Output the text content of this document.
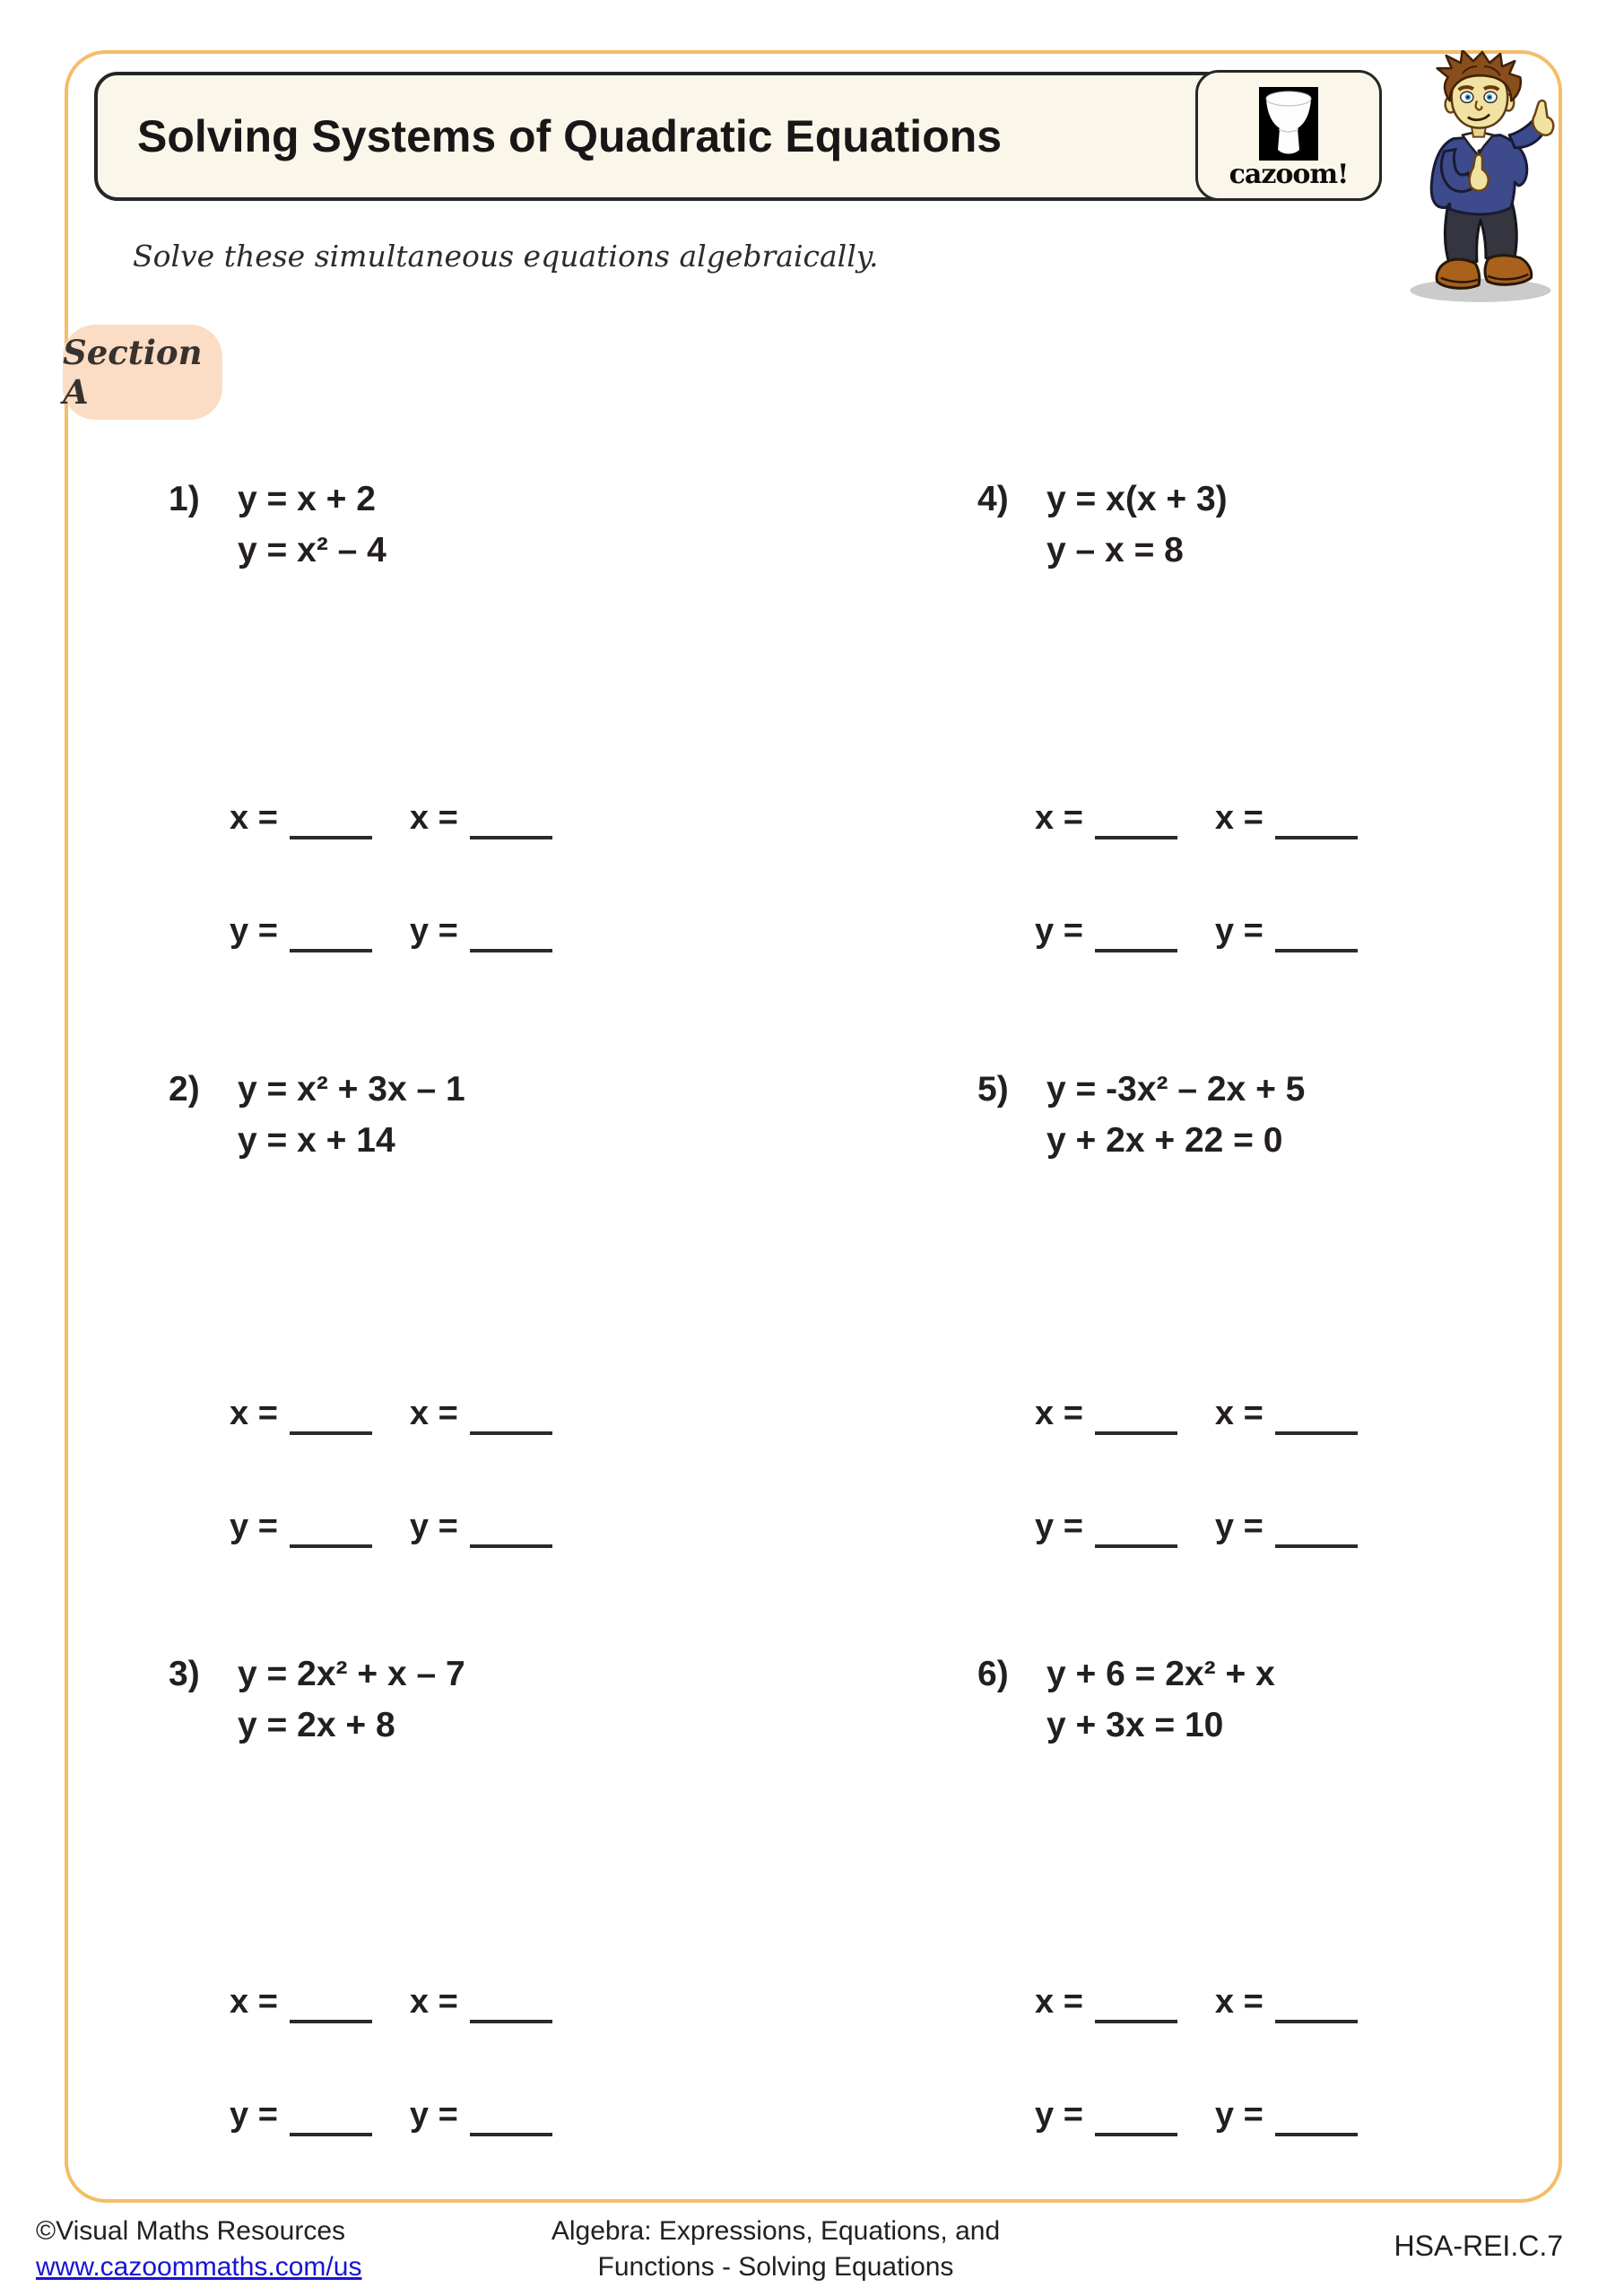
Solving Systems of Quadratic Equations
cazoom!
Solve these simultaneous equations algebraically.
Section A
1)	y = x + 2
y = x² – 4
x =	x =
y =	y =
4)	y = x(x + 3)
y – x = 8
x =	x =
y =	y =
2)	y = x² + 3x – 1
y = x + 14
x =	x =
y =	y =
5)	y = -3x² – 2x + 5
y + 2x + 22 = 0
x =	x =
y =	y =
3)	y = 2x² + x – 7
y = 2x + 8
x =	x =
y =	y =
6)	y + 6 = 2x² + x
y + 3x = 10
x =	x =
y =	y =
©Visual Maths Resources
www.cazoommaths.com/us
Algebra: Expressions, Equations, and
Functions - Solving Equations
HSA-REI.C.7
